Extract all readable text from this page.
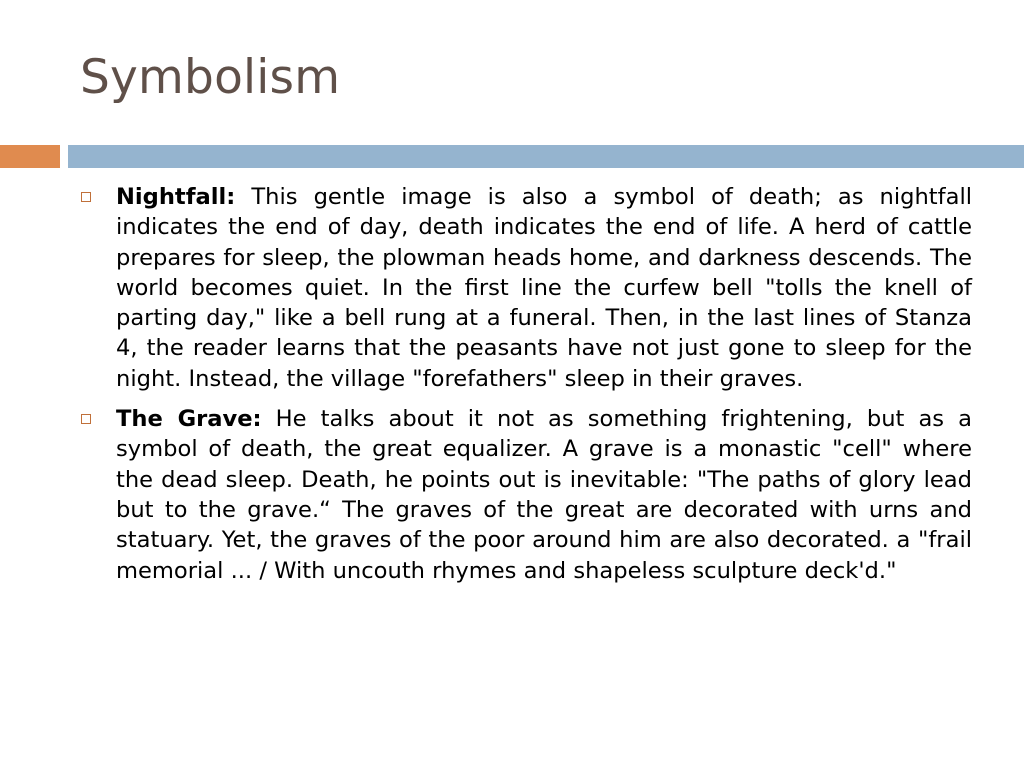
Symbolism
Nightfall: This gentle image is also a symbol of death; as nightfall indicates the end of day, death indicates the end of life. A herd of cattle prepares for sleep, the plowman heads home, and darkness descends. The world becomes quiet. In the first line the curfew bell "tolls the knell of parting day," like a bell rung at a funeral. Then, in the last lines of Stanza 4, the reader learns that the peasants have not just gone to sleep for the night. Instead, the village "forefathers" sleep in their graves.
The Grave: He talks about it not as something frightening, but as a symbol of death, the great equalizer. A grave is a monastic "cell" where the dead sleep. Death, he points out is inevitable: "The paths of glory lead but to the grave.“ The graves of the great are decorated with urns and statuary. Yet, the graves of the poor around him are also decorated. a "frail memorial ... / With uncouth rhymes and shapeless sculpture deck'd."
